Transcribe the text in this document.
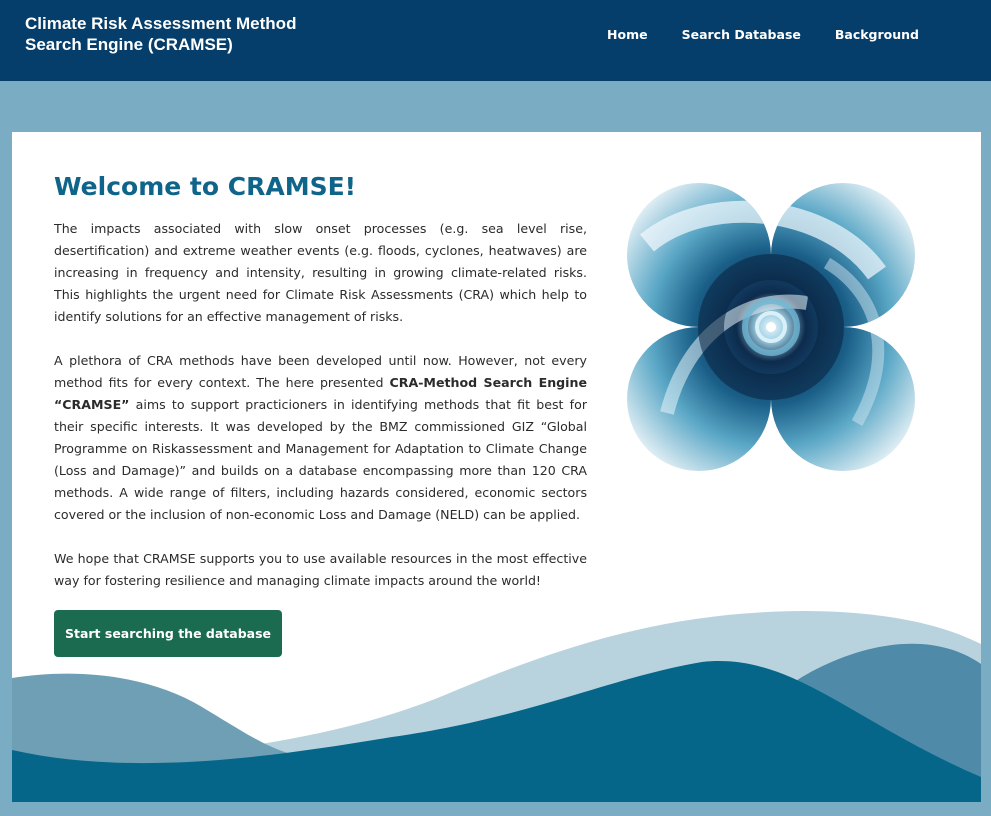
Climate Risk Assessment Method
Search Engine (CRAMSE)
Home	Search Database	Background
Welcome to CRAMSE!

The impacts associated with slow onset processes (e.g. sea level rise, desertification) and extreme weather events (e.g. floods, cyclones, heatwaves) are increasing in frequency and intensity, resulting in growing climate-related risks. This highlights the urgent need for Climate Risk Assessments (CRA) which help to identify solutions for an effective management of risks.

A plethora of CRA methods have been developed until now. However, not every method fits for every context. The here presented CRA-Method Search Engine “CRAMSE” aims to support practicioners in identifying methods that fit best for their specific interests. It was developed by the BMZ commissioned GIZ “Global Programme on Riskassessment and Management for Adaptation to Climate Change (Loss and Damage)” and builds on a database encompassing more than 120 CRA methods. A wide range of filters, including hazards considered, economic sectors covered or the inclusion of non-economic Loss and Damage (NELD) can be applied.

We hope that CRAMSE supports you to use available resources in the most effective way for fostering resilience and managing climate impacts around the world!

Start searching the database
